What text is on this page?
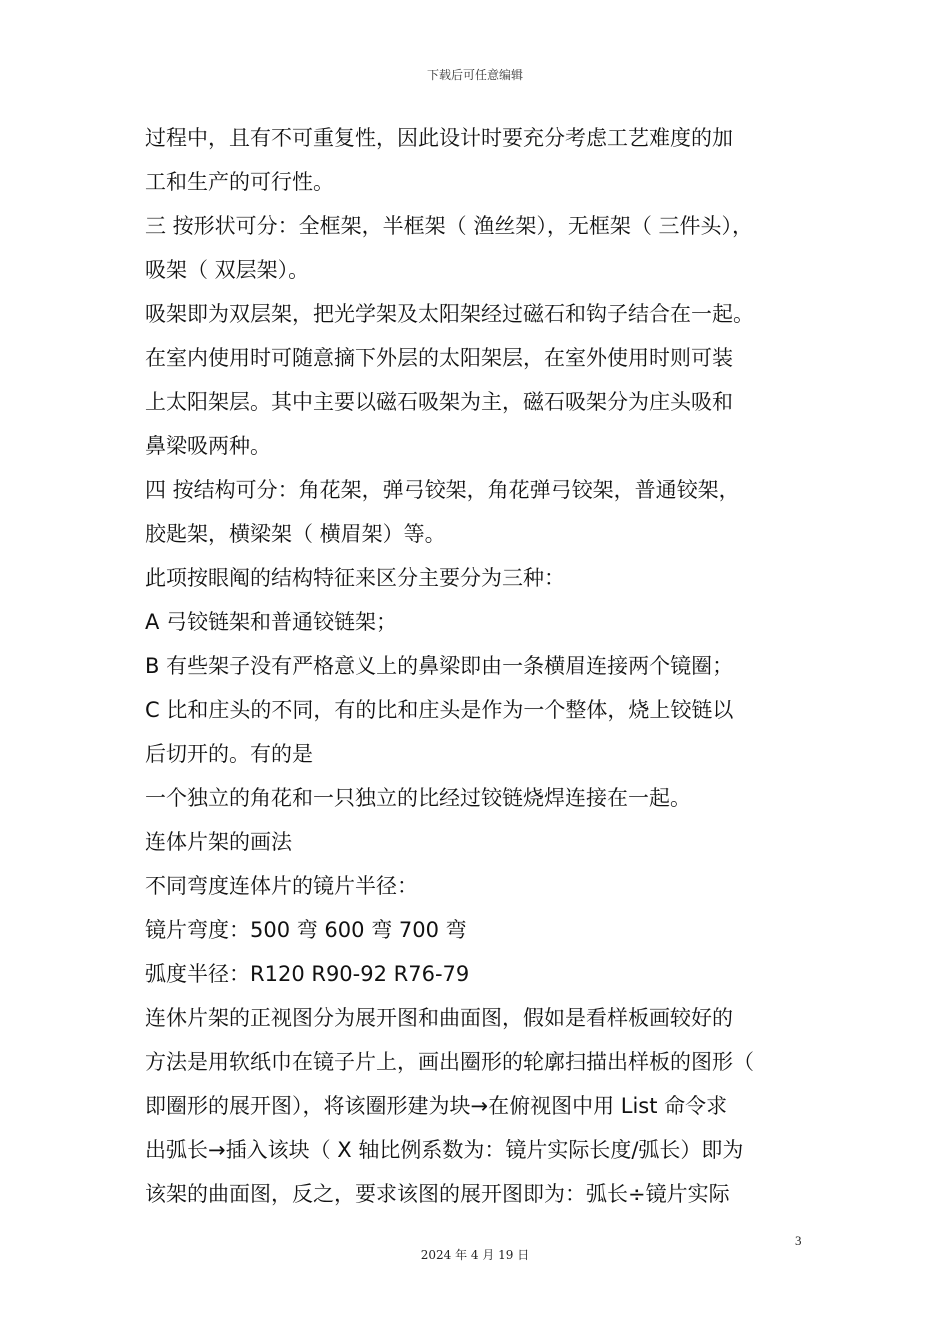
下载后可任意编辑
过程中，且有不可重复性，因此设计时要充分考虑工艺难度的加
工和生产的可行性。
三 按形状可分：全框架，半框架（ 渔丝架），无框架（ 三件头），
吸架（ 双层架）。
吸架即为双层架，把光学架及太阳架经过磁石和钩子结合在一起。
在室内使用时可随意摘下外层的太阳架层，在室外使用时则可装
上太阳架层。其中主要以磁石吸架为主，磁石吸架分为庄头吸和
鼻梁吸两种。
四 按结构可分：角花架，弹弓铰架，角花弹弓铰架，普通铰架，
胶匙架，横梁架（ 横眉架）等。
此项按眼阄的结构特征来区分主要分为三种：
A 弓铰链架和普通铰链架；
B 有些架子没有严格意义上的鼻梁即由一条横眉连接两个镜圈；
C 比和庄头的不同，有的比和庄头是作为一个整体，烧上铰链以
后切开的。有的是
一个独立的角花和一只独立的比经过铰链烧焊连接在一起。
连体片架的画法
不同弯度连体片的镜片半径：
镜片弯度：500 弯 600 弯 700 弯
弧度半径：R120 R90-92 R76-79
连休片架的正视图分为展开图和曲面图，假如是看样板画较好的
方法是用软纸巾在镜子片上，画出圈形的轮廓扫描出样板的图形（
即圈形的展开图），将该圈形建为块→在俯视图中用 List 命令求
出弧长→插入该块（ X 轴比例系数为：镜片实际长度/弧长）即为
该架的曲面图，反之，要求该图的展开图即为：弧长÷镜片实际
3
2024 年 4 月 19 日
